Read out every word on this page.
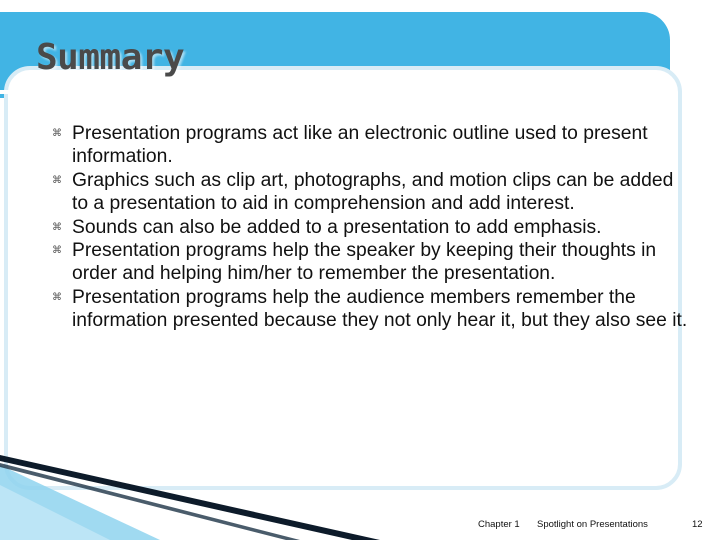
Summary
⌘ Presentation programs act like an electronic outline used to present information.
⌘ Graphics such as clip art, photographs, and motion clips can be added to a presentation to aid in comprehension and add interest.
⌘ Sounds can also be added to a presentation to add emphasis.
⌘ Presentation programs help the speaker by keeping their thoughts in order and helping him/her to remember the presentation.
⌘ Presentation programs help the audience members remember the information presented because they not only hear it, but they also see it.
Chapter 1 Spotlight on Presentations	12
